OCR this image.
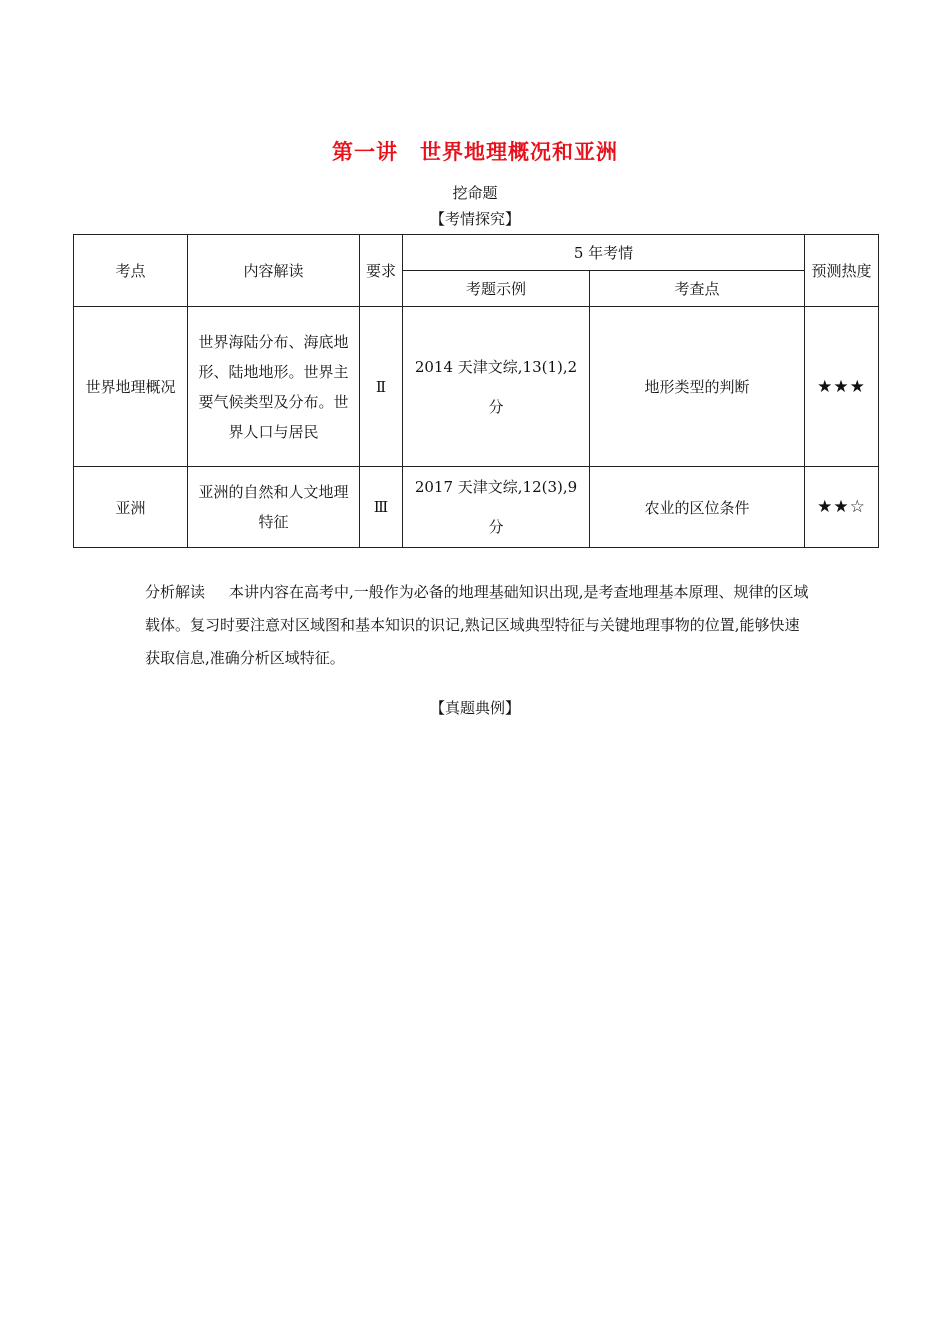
第一讲　世界地理概况和亚洲
挖命题
【考情探究】
考点	内容解读	要求	5 年考情		预测热度
			考题示例	考查点	
世界地理概况	世界海陆分布、海底地形、陆地地形。世界主要气候类型及分布。世界人口与居民	Ⅱ	2014 天津文综,13(1),2 分	地形类型的判断	★★★
亚洲	亚洲的自然和人文地理特征	Ⅲ	2017 天津文综,12(3),9 分	农业的区位条件	★★☆
分析解读 本讲内容在高考中,一般作为必备的地理基础知识出现,是考查地理基本原理、规律的区域载体。复习时要注意对区域图和基本知识的识记,熟记区域典型特征与关键地理事物的位置,能够快速获取信息,准确分析区域特征。
【真题典例】
